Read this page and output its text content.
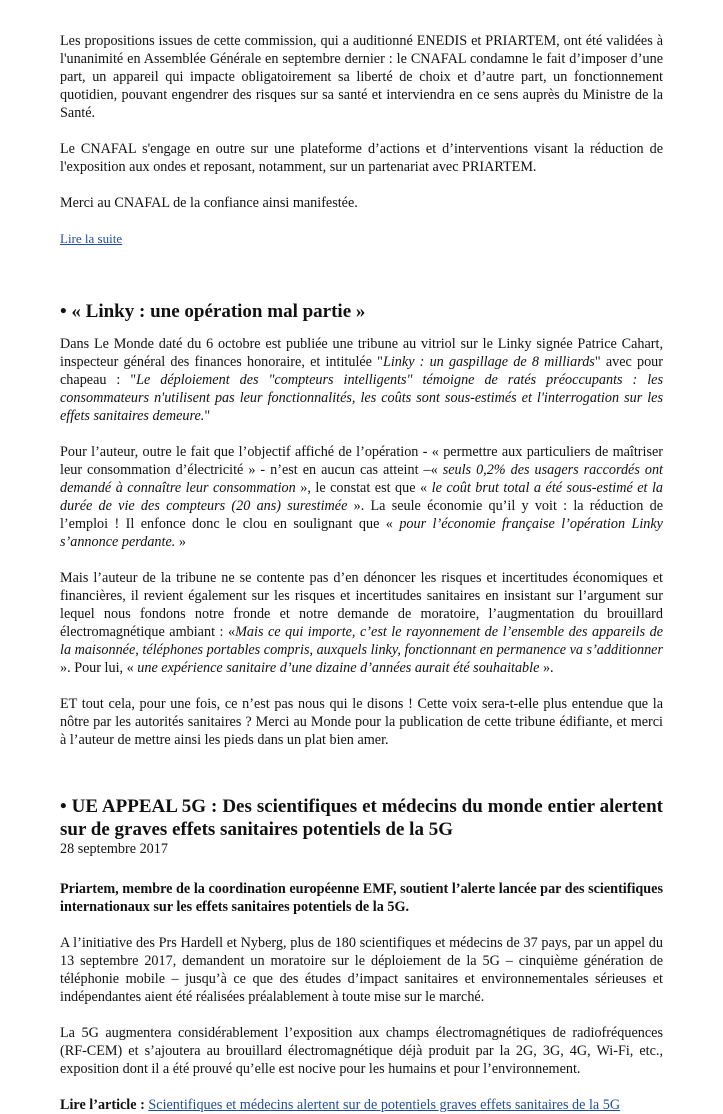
Les propositions issues de cette commission, qui a auditionné ENEDIS et PRIARTEM, ont été validées à l'unanimité en Assemblée Générale en septembre dernier : le CNAFAL condamne le fait d’imposer d’une part, un appareil qui impacte obligatoirement sa liberté de choix et d’autre part, un fonctionnement quotidien, pouvant engendrer des risques sur sa santé et interviendra en ce sens auprès du Ministre de la Santé.

Le CNAFAL s'engage en outre sur une plateforme d’actions et d’interventions visant la réduction de l'exposition aux ondes et reposant, notamment, sur un partenariat avec PRIARTEM.

Merci au CNAFAL de la confiance ainsi manifestée.

Lire la suite

• « Linky : une opération mal partie »

Dans Le Monde daté du 6 octobre est publiée une tribune au vitriol sur le Linky signée Patrice Cahart, inspecteur général des finances honoraire, et intitulée "Linky : un gaspillage de 8 milliards" avec pour chapeau : "Le déploiement des "compteurs intelligents" témoigne de ratés préoccupants : les consommateurs n'utilisent pas leur fonctionnalités, les coûts sont sous-estimés et l'interrogation sur les effets sanitaires demeure."

Pour l’auteur, outre le fait que l’objectif affiché de l’opération - « permettre aux particuliers de maîtriser leur consommation d’électricité » - n’est en aucun cas atteint –« seuls 0,2% des usagers raccordés ont demandé à connaître leur consommation », le constat est que « le coût brut total a été sous-estimé et la durée de vie des compteurs (20 ans) surestimée ». La seule économie qu’il y voit : la réduction de l’emploi ! Il enfonce donc le clou en soulignant que « pour l’économie française l’opération Linky s’annonce perdante. »

Mais l’auteur de la tribune ne se contente pas d’en dénoncer les risques et incertitudes économiques et financières, il revient également sur les risques et incertitudes sanitaires en insistant sur l’argument sur lequel nous fondons notre fronde et notre demande de moratoire, l’augmentation du brouillard électromagnétique ambiant : «Mais ce qui importe, c’est le rayonnement de l’ensemble des appareils de la maisonnée, téléphones portables compris, auxquels linky, fonctionnant en permanence va s’additionner ». Pour lui, « une expérience sanitaire d’une dizaine d’années aurait été souhaitable ».

ET tout cela, pour une fois, ce n’est pas nous qui le disons ! Cette voix sera-t-elle plus entendue que la nôtre par les autorités sanitaires ? Merci au Monde pour la publication de cette tribune édifiante, et merci à l’auteur de mettre ainsi les pieds dans un plat bien amer.

• UE APPEAL 5G : Des scientifiques et médecins du monde entier alertent sur de graves effets sanitaires potentiels de la 5G
28 septembre 2017

Priartem, membre de la coordination européenne EMF, soutient l’alerte lancée par des scientifiques internationaux sur les effets sanitaires potentiels de la 5G.

A l’initiative des Prs Hardell et Nyberg, plus de 180 scientifiques et médecins de 37 pays, par un appel du 13 septembre 2017, demandent un moratoire sur le déploiement de la 5G – cinquième génération de téléphonie mobile – jusqu’à ce que des études d’impact sanitaires et environnementales sérieuses et indépendantes aient été réalisées préalablement à toute mise sur le marché.

La 5G augmentera considérablement l’exposition aux champs électromagnétiques de radiofréquences (RF-CEM) et s’ajoutera au brouillard électromagnétique déjà produit par la 2G, 3G, 4G, Wi-Fi, etc., exposition dont il a été prouvé qu’elle est nocive pour les humains et pour l’environnement.

Lire l’article : Scientifiques et médecins alertent sur de potentiels graves effets sanitaires de la 5G
